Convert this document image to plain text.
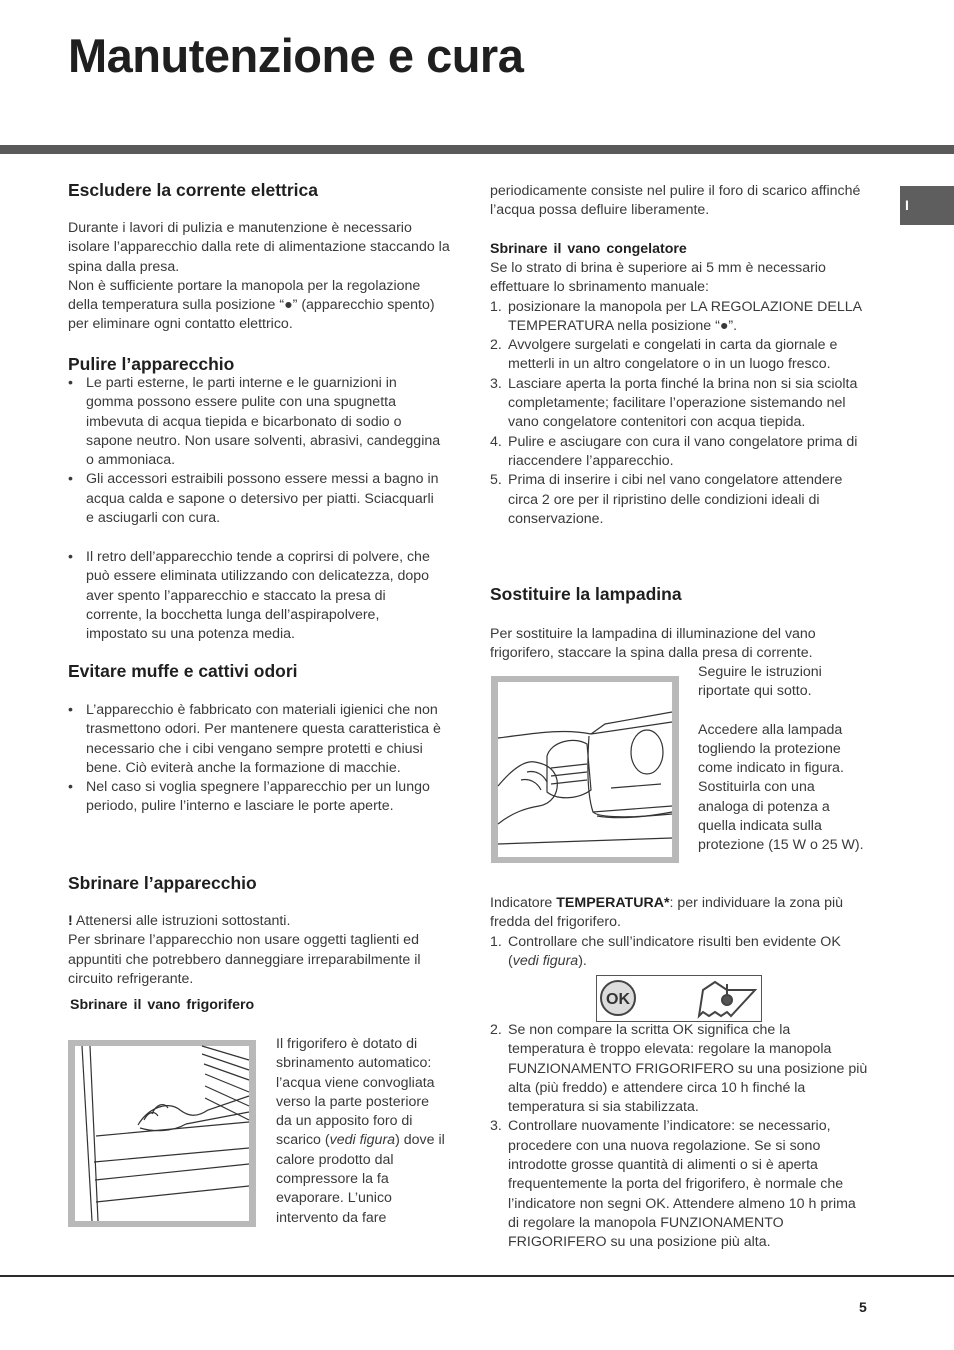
Manutenzione e cura
I
Escludere la corrente elettrica

Durante i lavori di pulizia e manutenzione è necessario isolare l’apparecchio dalla rete di alimentazione staccando la spina dalla presa.

Non è sufficiente portare la manopola per la regolazione della temperatura sulla posizione “●” (apparecchio spento) per eliminare ogni contatto elettrico.

Pulire l’apparecchio
• Le parti esterne, le parti interne e le guarnizioni in gomma possono essere pulite con una spugnetta imbevuta di acqua tiepida e bicarbonato di sodio o sapone neutro. Non usare solventi, abrasivi, candeggina o ammoniaca.
• Gli accessori estraibili possono essere messi a bagno in acqua calda e sapone o detersivo per piatti. Sciacquarli e asciugarli con cura.
• Il retro dell’apparecchio tende a coprirsi di polvere, che può essere eliminata utilizzando con delicatezza, dopo aver spento l’apparecchio e staccato la presa di corrente, la bocchetta lunga dell’aspirapolvere, impostato su una potenza media.
Evitare muffe e cattivi odori
• L’apparecchio è fabbricato con materiali igienici che non trasmettono odori. Per mantenere questa caratteristica è necessario che i cibi vengano sempre protetti e chiusi bene. Ciò eviterà anche la formazione di macchie.
• Nel caso si voglia spegnere l’apparecchio per un lungo periodo, pulire l’interno e lasciare le porte aperte.
Sbrinare l’apparecchio

! Attenersi alle istruzioni sottostanti.

Per sbrinare l’apparecchio non usare oggetti taglienti ed appuntiti che potrebbero danneggiare irreparabilmente il circuito refrigerante.

Sbrinare il vano frigorifero

Il frigorifero è dotato di sbrinamento automatico: l’acqua viene convogliata verso la parte posteriore da un apposito foro di scarico (vedi figura) dove il calore prodotto dal compressore la fa evaporare. L’unico intervento da fare

periodicamente consiste nel pulire il foro di scarico affinché l’acqua possa defluire liberamente.

Sbrinare il vano congelatore

Se lo strato di brina è superiore ai 5 mm è necessario effettuare lo sbrinamento manuale:

1. posizionare la manopola per LA REGOLAZIONE DELLA TEMPERATURA nella posizione “●”.
2. Avvolgere surgelati e congelati in carta da giornale e metterli in un altro congelatore o in un luogo fresco.
3. Lasciare aperta la porta finché la brina non si sia sciolta completamente; facilitare l’operazione sistemando nel vano congelatore contenitori con acqua tiepida.
4. Pulire e asciugare con cura il vano congelatore prima di riaccendere l’apparecchio.
5. Prima di inserire i cibi nel vano congelatore attendere circa 2 ore per il ripristino delle condizioni ideali di conservazione.
Sostituire la lampadina

Per sostituire la lampadina di illuminazione del vano frigorifero, staccare la spina dalla presa di corrente.

Seguire le istruzioni riportate qui sotto.

Accedere alla lampada togliendo la protezione come indicato in figura. Sostituirla con una analoga di potenza a quella indicata sulla protezione (15 W o 25 W).

Indicatore TEMPERATURA*: per individuare la zona più fredda del frigorifero.

1. Controllare che sull’indicatore risulti ben evidente OK (vedi figura).
OK
2. Se non compare la scritta OK significa che la temperatura è troppo elevata: regolare la manopola FUNZIONAMENTO FRIGORIFERO su una posizione più alta (più freddo) e attendere circa 10 h finché la temperatura si sia stabilizzata.
3. Controllare nuovamente l’indicatore: se necessario, procedere con una nuova regolazione. Se si sono introdotte grosse quantità di alimenti o si è aperta frequentemente la porta del frigorifero, è normale che l’indicatore non segni OK. Attendere almeno 10 h prima di regolare la manopola FUNZIONAMENTO FRIGORIFERO su una posizione più alta.
5
